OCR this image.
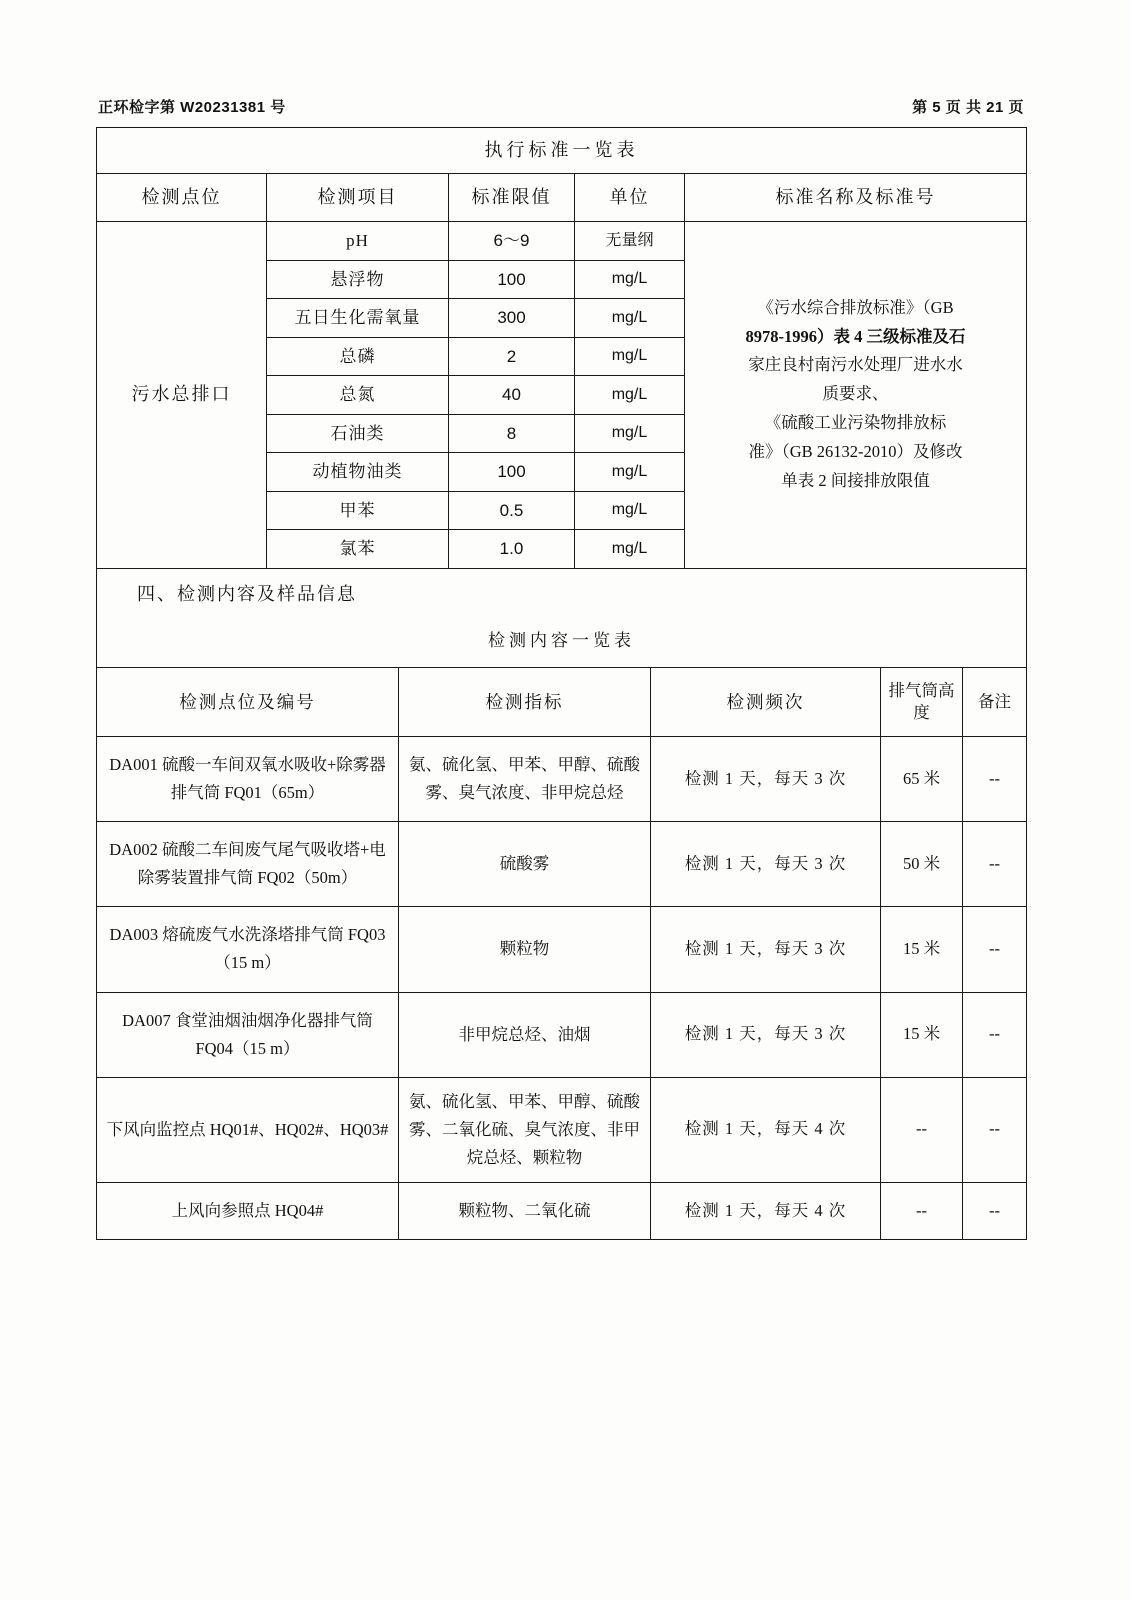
正环检字第 W20231381 号	第 5 页 共 21 页
执行标准一览表				
检测点位	检测项目	标准限值	单位	标准名称及标准号
污水总排口	pH	6～9	无量纲	
《污水综合排放标准》（GB
8978-1996）表 4 三级标准及石
家庄良村南污水处理厂进水水
质要求、
《硫酸工业污染物排放标
准》（GB 26132-2010）及修改
单表 2 间接排放限值

	悬浮物	100	mg/L	
	五日生化需氧量	300	mg/L	
	总磷	2	mg/L	
	总氮	40	mg/L	
	石油类	8	mg/L	
	动植物油类	100	mg/L	
	甲苯	0.5	mg/L	
	氯苯	1.0	mg/L	
四、检测内容及样品信息				
检测内容一览表				
检测点位及编号	检测指标	检测频次	排气筒高度	备注
DA001 硫酸一车间双氧水吸收+除雾器排气筒 FQ01（65m）	氨、硫化氢、甲苯、甲醇、硫酸雾、臭气浓度、非甲烷总烃	检测 1 天，每天 3 次	65 米	--
DA002 硫酸二车间废气尾气吸收塔+电除雾装置排气筒 FQ02（50m）	硫酸雾	检测 1 天，每天 3 次	50 米	--
DA003 熔硫废气水洗涤塔排气筒 FQ03（15 m）	颗粒物	检测 1 天，每天 3 次	15 米	--
DA007 食堂油烟油烟净化器排气筒 FQ04（15 m）	非甲烷总烃、油烟	检测 1 天，每天 3 次	15 米	--
下风向监控点 HQ01#、HQ02#、HQ03#	氨、硫化氢、甲苯、甲醇、硫酸雾、二氧化硫、臭气浓度、非甲烷总烃、颗粒物	检测 1 天，每天 4 次	--	--
上风向参照点 HQ04#	颗粒物、二氧化硫	检测 1 天，每天 4 次	--	--
